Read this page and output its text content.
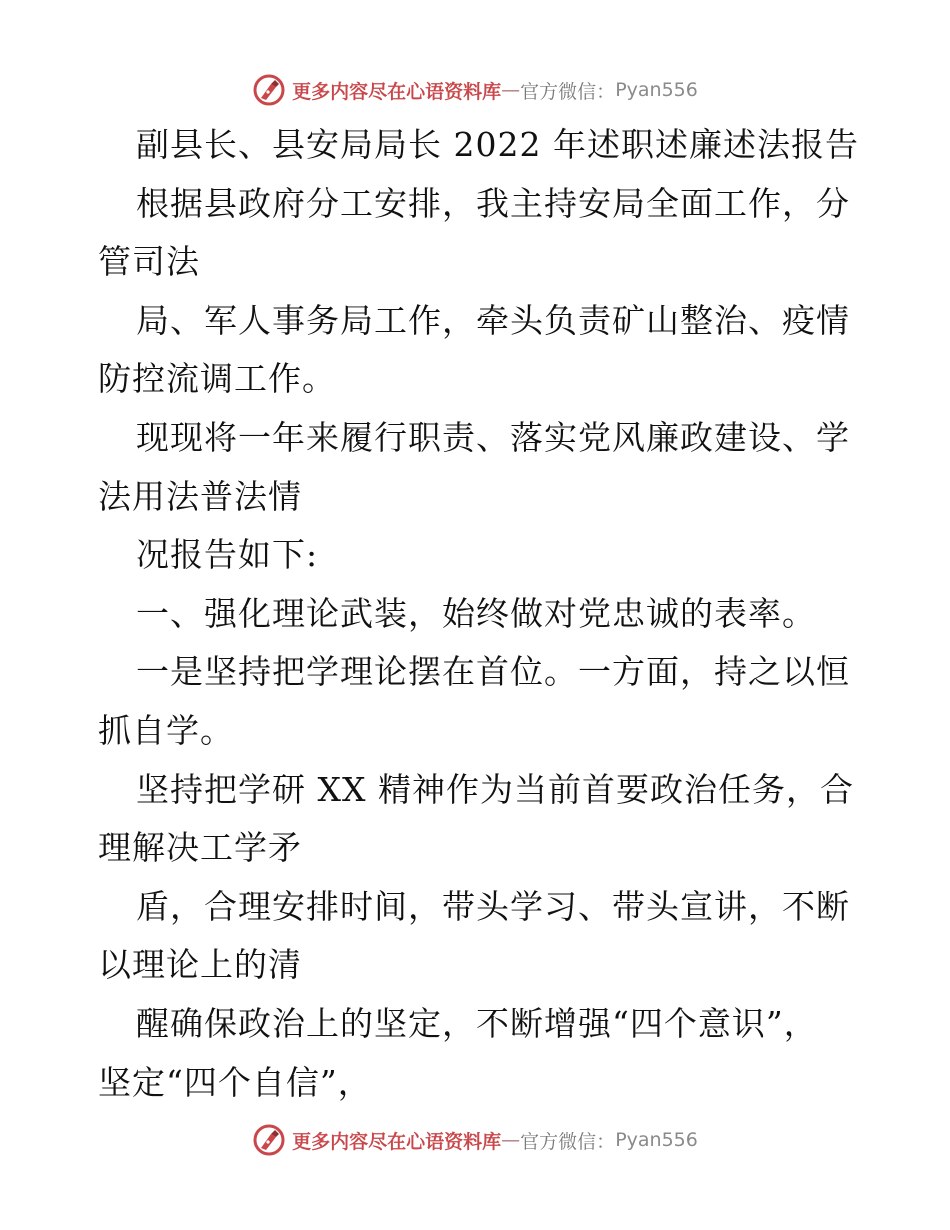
更多内容尽在心语资料库 — 官方微信： Pyan556
副县长、县安局局长 2022 年述职述廉述法报告
根据县政府分工安排，我主持安局全面工作，分
管司法
局、军人事务局工作，牵头负责矿山整治、疫情
防控流调工作。
现现将一年来履行职责、落实党风廉政建设、学
法用法普法情
况报告如下:
一、强化理论武装，始终做对党忠诚的表率。
一是坚持把学理论摆在首位。一方面，持之以恒
抓自学。
坚持把学研 XX 精神作为当前首要政治任务，合
理解决工学矛
盾，合理安排时间，带头学习、带头宣讲，不断
以理论上的清
醒确保政治上的坚定，不断增强“四个意识”，
坚定“四个自信”，
更多内容尽在心语资料库 — 官方微信： Pyan556
